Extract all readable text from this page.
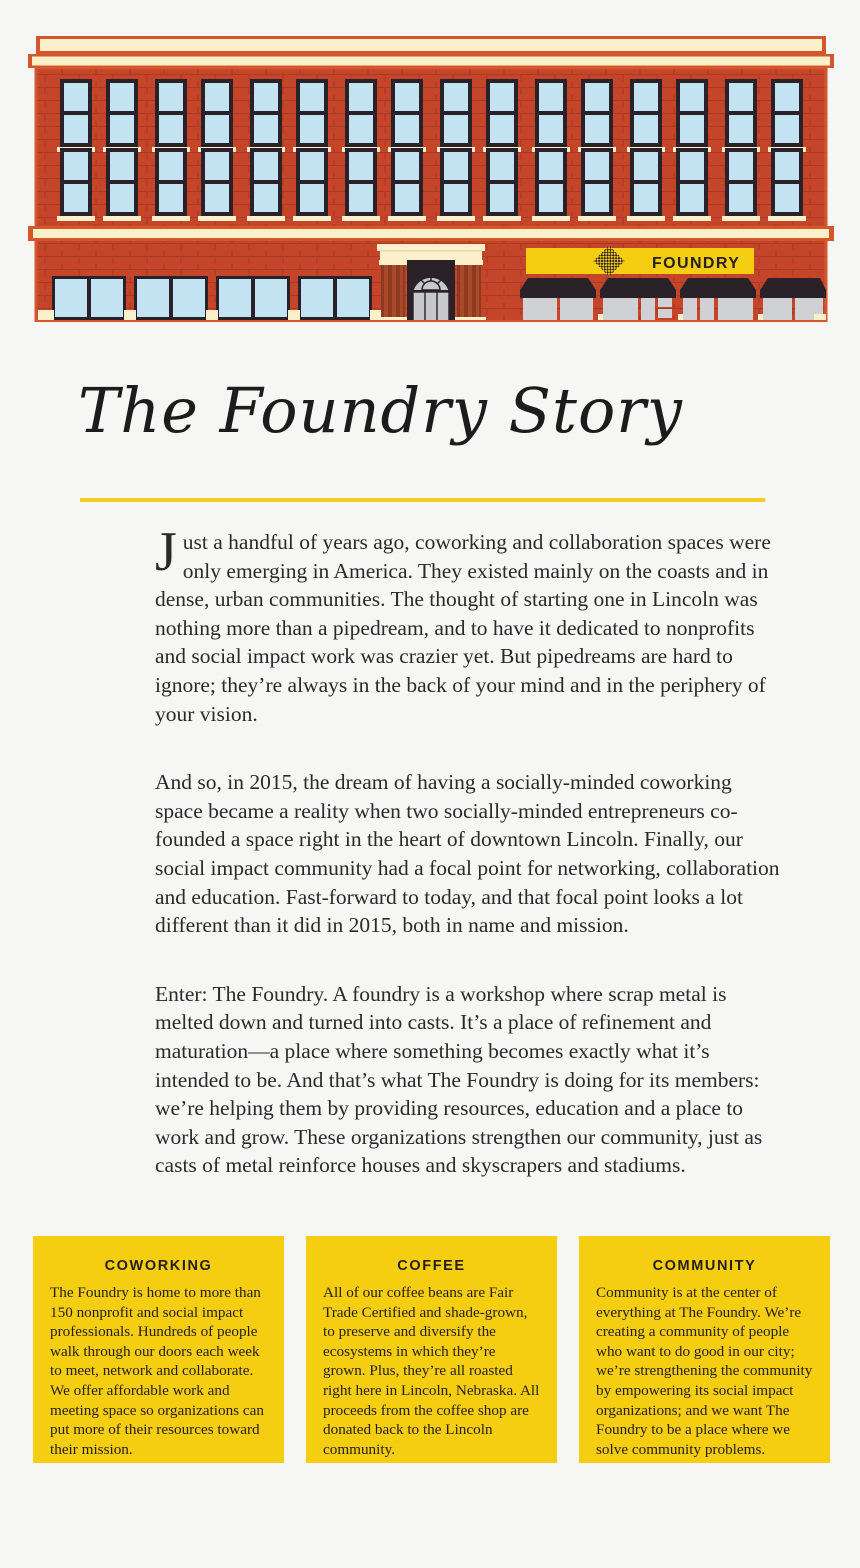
FOUNDRY
The Foundry Story

Just a handful of years ago, coworking and collaboration spaces were only emerging in America. They existed mainly on the coasts and in dense, urban communities. The thought of starting one in Lincoln was nothing more than a pipedream, and to have it dedicated to nonprofits and social impact work was crazier yet. But pipedreams are hard to ignore; they’re always in the back of your mind and in the periphery of your vision.

And so, in 2015, the dream of having a socially-minded coworking space became a reality when two socially-minded entrepreneurs co-founded a space right in the heart of downtown Lincoln. Finally, our social impact community had a focal point for networking, collaboration and education. Fast-forward to today, and that focal point looks a lot different than it did in 2015, both in name and mission.

Enter: The Foundry. A foundry is a workshop where scrap metal is melted down and turned into casts. It’s a place of refinement and maturation—a place where something becomes exactly what it’s intended to be. And that’s what The Foundry is doing for its members: we’re helping them by providing resources, education and a place to work and grow. These organizations strengthen our community, just as casts of metal reinforce houses and skyscrapers and stadiums.

COWORKING

The Foundry is home to more than 150 nonprofit and social impact professionals. Hundreds of people walk through our doors each week to meet, network and collaborate. We offer affordable work and meeting space so organizations can put more of their resources toward their mission.

COFFEE

All of our coffee beans are Fair Trade Certified and shade-grown, to preserve and diversify the ecosystems in which they’re grown. Plus, they’re all roasted right here in Lincoln, Nebraska. All proceeds from the coffee shop are donated back to the Lincoln community.

COMMUNITY

Community is at the center of everything at The Foundry. We’re creating a community of people who want to do good in our city; we’re strengthening the community by empowering its social impact organizations; and we want The Foundry to be a place where we solve community problems.
